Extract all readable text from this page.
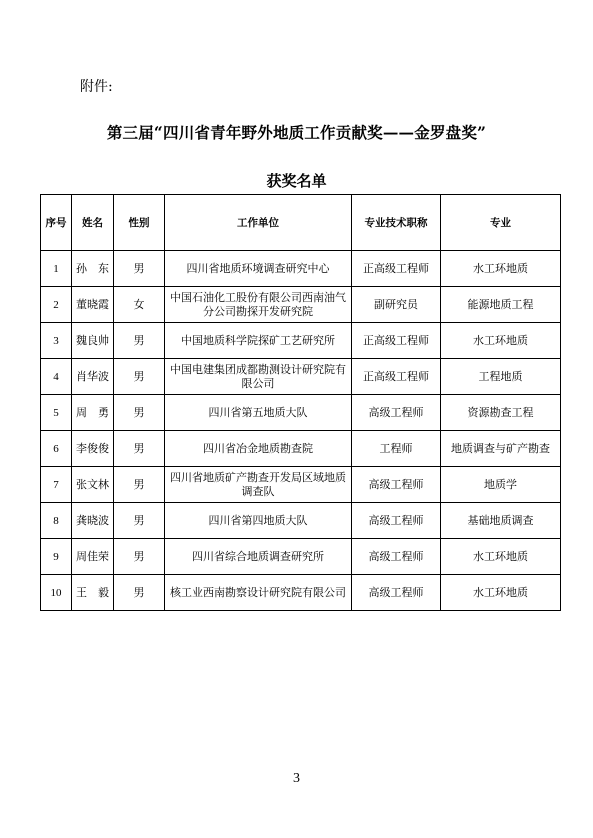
附件:
第三届“四川省青年野外地质工作贡献奖——金罗盘奖”
获奖名单
序号	姓名	性别	工作单位	专业技术职称	专业
1	孙　东	男	四川省地质环境调查研究中心	正高级工程师	水工环地质
2	董晓霞	女	中国石油化工股份有限公司西南油气分公司勘探开发研究院	副研究员	能源地质工程
3	魏良帅	男	中国地质科学院探矿工艺研究所	正高级工程师	水工环地质
4	肖华波	男	中国电建集团成都勘测设计研究院有限公司	正高级工程师	工程地质
5	周　勇	男	四川省第五地质大队	高级工程师	资源勘查工程
6	李俊俊	男	四川省冶金地质勘查院	工程师	地质调查与矿产勘查
7	张文林	男	四川省地质矿产勘查开发局区域地质调查队	高级工程师	地质学
8	龚晓波	男	四川省第四地质大队	高级工程师	基础地质调查
9	周佳荣	男	四川省综合地质调查研究所	高级工程师	水工环地质
10	王　毅	男	核工业西南勘察设计研究院有限公司	高级工程师	水工环地质
3
